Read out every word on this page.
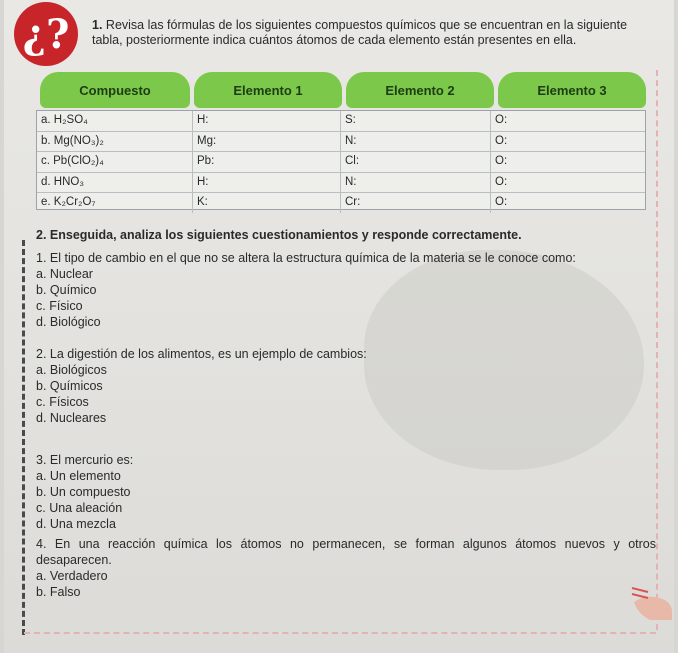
¿?	1. Revisa las fórmulas de los siguientes compuestos químicos que se encuentran en la siguiente tabla, posteriormente indica cuántos átomos de cada elemento están presentes en ella.
Compuesto	Elemento 1	Elemento 2	Elemento 3
a. H₂SO₄	H:	S:	O:
b. Mg(NO₃)₂	Mg:	N:	O:
c. Pb(ClO₂)₄	Pb:	Cl:	O:
d. HNO₃	H:	N:	O:
e. K₂Cr₂O₇	K:	Cr:	O:
2. Enseguida, analiza los siguientes cuestionamientos y responde correctamente.
1. El tipo de cambio en el que no se altera la estructura química de la materia se le conoce como:
a. Nuclear
b. Químico
c. Físico
d. Biológico
2. La digestión de los alimentos, es un ejemplo de cambios:
a. Biológicos
b. Químicos
c. Físicos
d. Nucleares
3. El mercurio es:
a. Un elemento
b. Un compuesto
c. Una aleación
d. Una mezcla
4. En una reacción química los átomos no permanecen, se forman algunos átomos nuevos y otros desaparecen.
a. Verdadero
b. Falso
